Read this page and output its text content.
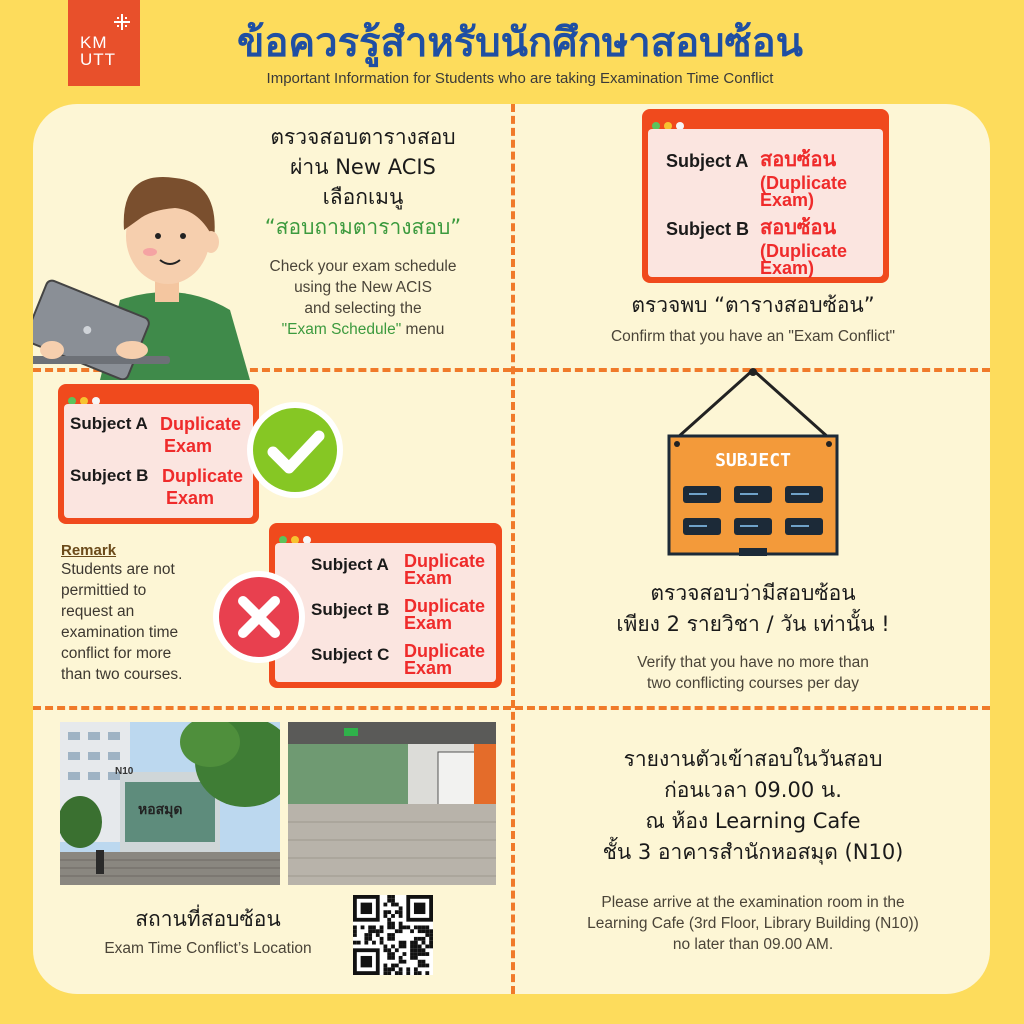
KM
UTT	ข้อควรรู้สำหรับนักศึกษาสอบซ้อน
Important Information for Students who are taking Examination Time Conflict
ตรวจสอบตารางสอบ
ผ่าน New ACIS
เลือกเมนู
“สอบถามตารางสอบ”
Check your exam schedule
using the New ACIS
and selecting the
"Exam Schedule" menu
Subject A สอบซ้อน
(Duplicate
Exam)
Subject B สอบซ้อน
(Duplicate
Exam)
ตรวจพบ “ตารางสอบซ้อน”
Confirm that you have an "Exam Conflict"
Subject A Duplicate
Exam
Subject B Duplicate
Exam
Subject A Duplicate
Exam
Subject B Duplicate
Exam
Subject C Duplicate
Exam
Remark
Students are not
permittied to
request an
examination time
conflict for more
than two courses.
SUBJECT
ตรวจสอบว่ามีสอบซ้อน
เพียง 2 รายวิชา / วัน เท่านั้น !
Verify that you have no more than
two conflicting courses per day
N10
หอสมุด
สถานที่สอบซ้อน
Exam Time Conflict’s Location
รายงานตัวเข้าสอบในวันสอบ
ก่อนเวลา 09.00 น.
ณ ห้อง Learning Cafe
ชั้น 3 อาคารสำนักหอสมุด (N10)
Please arrive at the examination room in the
Learning Cafe (3rd Floor, Library Building (N10))
no later than 09.00 AM.
